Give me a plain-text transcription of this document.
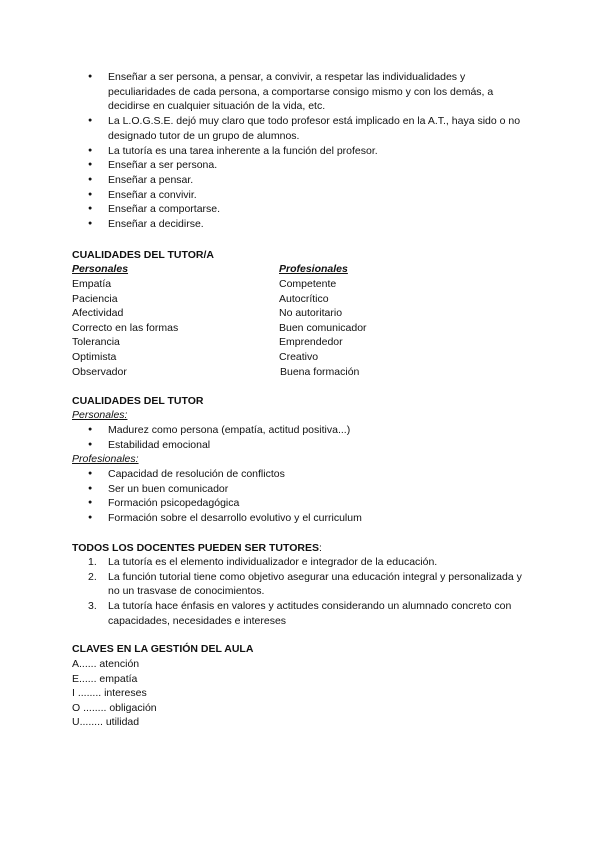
● Enseñar a ser persona, a pensar, a convivir, a respetar las individualidades y peculiaridades de cada persona, a comportarse consigo mismo y con los demás, a decidirse en cualquier situación de la vida, etc.
● La L.O.G.S.E. dejó muy claro que todo profesor está implicado en la A.T., haya sido o no designado tutor de un grupo de alumnos.
● La tutoría es una tarea inherente a la función del profesor.
● Enseñar a ser persona.
● Enseñar a pensar.
● Enseñar a convivir.
● Enseñar a comportarse.
● Enseñar a decidirse.
CUALIDADES DEL TUTOR/A
Personales	Profesionales
Empatía
Paciencia
Afectividad
Correcto en las formas
Tolerancia
Optimista
Observador
Competente
Autocrítico
No autoritario
Buen comunicador
Emprendedor
Creativo
Buena formación
CUALIDADES DEL TUTOR
Personales:
● Madurez como persona (empatía, actitud positiva...)
● Estabilidad emocional
Profesionales:
● Capacidad de resolución de conflictos
● Ser un buen comunicador
● Formación psicopedagógica
● Formación sobre el desarrollo evolutivo y el curriculum
TODOS LOS DOCENTES PUEDEN SER TUTORES:
1. La tutoría es el elemento individualizador e integrador de la educación.
2. La función tutorial tiene como objetivo asegurar una educación integral y personalizada y no un trasvase de conocimientos.
3. La tutoría hace énfasis en valores y actitudes considerando un alumnado concreto con capacidades, necesidades e intereses
CLAVES EN LA GESTIÓN DEL AULA
A...... atención
E...... empatía
I ........ intereses
O ........ obligación
U........ utilidad
